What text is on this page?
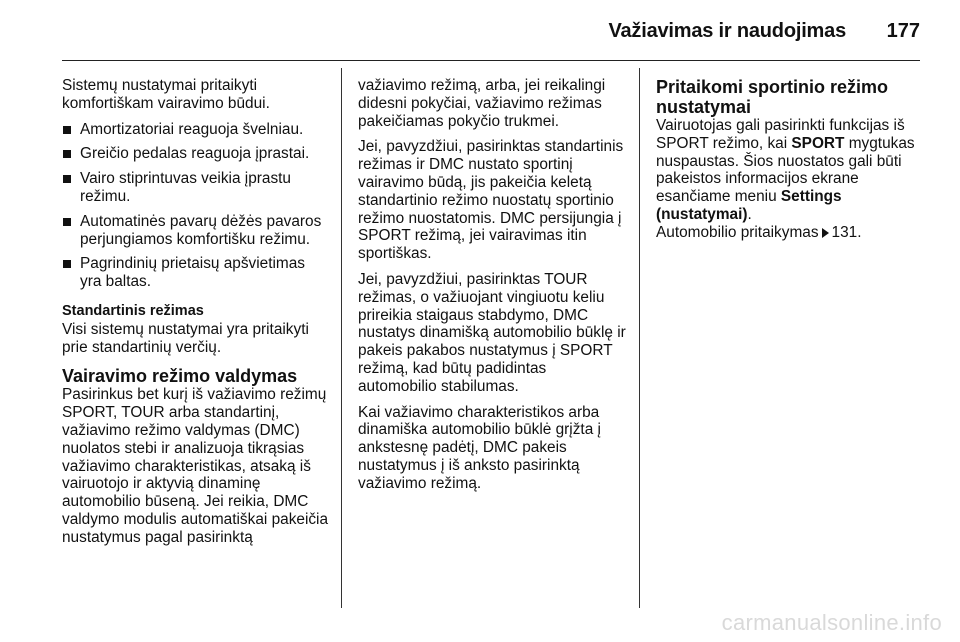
Važiavimas ir naudojimas 177

Sistemų nustatymai pritaikyti komfortiškam vairavimo būdui.

Amortizatoriai reaguoja švelniau.
Greičio pedalas reaguoja įprastai.
Vairo stiprintuvas veikia įprastu režimu.
Automatinės pavarų dėžės pavaros perjungiamos komfortišku režimu.
Pagrindinių prietaisų apšvietimas yra baltas.
Standartinis režimas

Visi sistemų nustatymai yra pritaikyti prie standartinių verčių.

Vairavimo režimo valdymas

Pasirinkus bet kurį iš važiavimo režimų SPORT, TOUR arba standartinį, važiavimo režimo valdymas (DMC) nuolatos stebi ir analizuoja tikrąsias važiavimo charakteristikas, atsaką iš vairuotojo ir aktyvią dinaminę automobilio būseną. Jei reikia, DMC valdymo modulis automatiškai pakeičia nustatymus pagal pasirinktą

važiavimo režimą, arba, jei reikalingi didesni pokyčiai, važiavimo režimas pakeičiamas pokyčio trukmei.

Jei, pavyzdžiui, pasirinktas standartinis režimas ir DMC nustato sportinį vairavimo būdą, jis pakeičia keletą standartinio režimo nuostatų sportinio režimo nuostatomis. DMC persijungia į SPORT režimą, jei vairavimas itin sportiškas.

Jei, pavyzdžiui, pasirinktas TOUR režimas, o važiuojant vingiuotu keliu prireikia staigaus stabdymo, DMC nustatys dinamišką automobilio būklę ir pakeis pakabos nustatymus į SPORT režimą, kad būtų padidintas automobilio stabilumas.

Kai važiavimo charakteristikos arba dinamiška automobilio būklė grįžta į ankstesnę padėtį, DMC pakeis nustatymus į iš anksto pasirinktą važiavimo režimą.

Pritaikomi sportinio režimo nustatymai

Vairuotojas gali pasirinkti funkcijas iš SPORT režimo, kai SPORT mygtukas nuspaustas. Šios nuostatos gali būti pakeistos informacijos ekrane esančiame meniu Settings (nustatymai).
Automobilio pritaikymas 131.

carmanualsonline.info
